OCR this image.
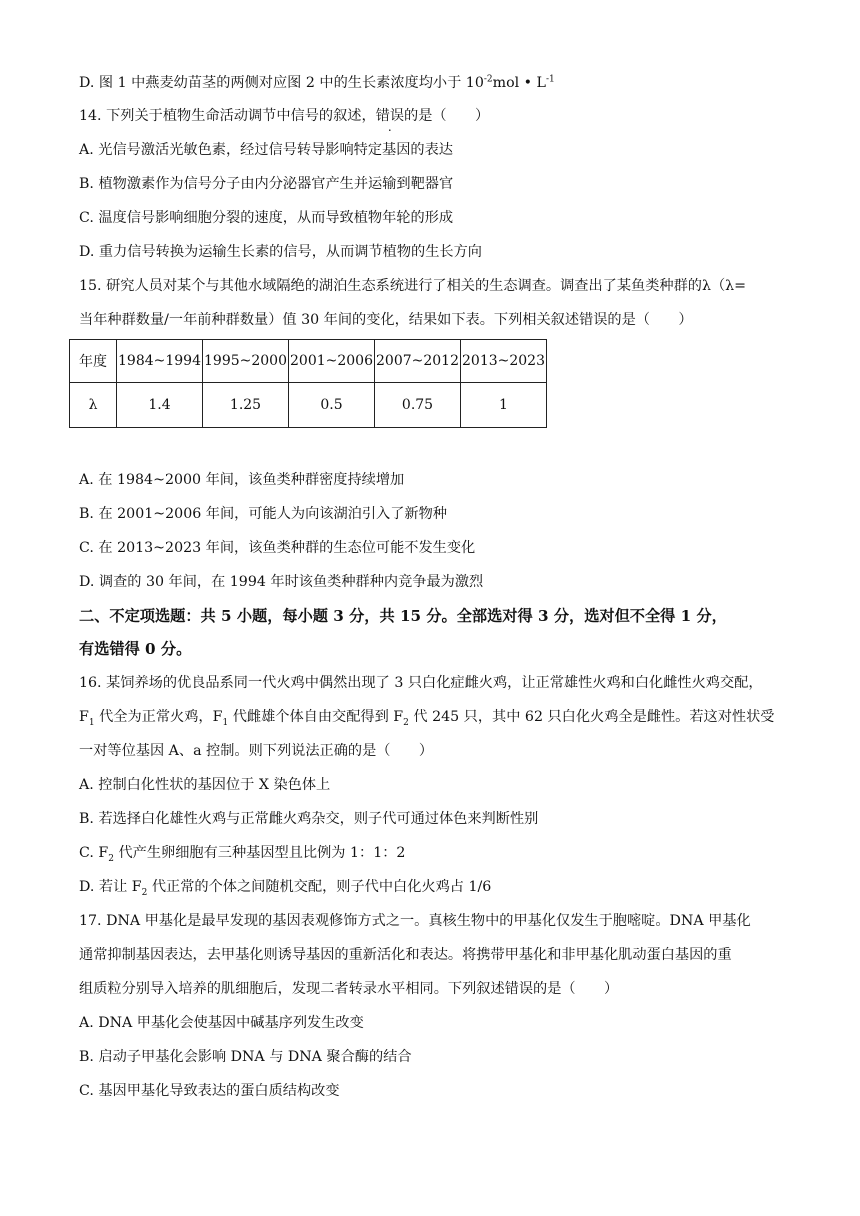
D. 图 1 中燕麦幼苗茎的两侧对应图 2 中的生长素浓度均小于 $10^{-2}mol$ • $L^{-1}$
14. 下列关于植物生命活动调节中信号的叙述，错误的是（　　）
A. 光信号激活光敏色素，经过信号转导影响特定基因的表达
B. 植物激素作为信号分子由内分泌器官产生并运输到靶器官
C. 温度信号影响细胞分裂的速度，从而导致植物年轮的形成
D. 重力信号转换为运输生长素的信号，从而调节植物的生长方向
15. 研究人员对某个与其他水域隔绝的湖泊生态系统进行了相关的生态调查。调查出了某鱼类种群的λ（λ=
当年种群数量/一年前种群数量）值 30 年间的变化，结果如下表。下列相关叙述错误的是（　　）
年度	1984~1994	1995~2000	2001~2006	2007~2012	2013~2023
λ	1.4	1.25	0.5	0.75	1
A. 在 1984~2000 年间，该鱼类种群密度持续增加
B. 在 2001~2006 年间，可能人为向该湖泊引入了新物种
C. 在 2013~2023 年间，该鱼类种群的生态位可能不发生变化
D. 调查的 30 年间，在 1994 年时该鱼类种群种内竞争最为激烈
二、不定项选题：共 5 小题，每小题 3 分，共 15 分。全部选对得 3 分，选对但不全得 1 分，
有选错得 0 分。
16. 某饲养场的优良品系同一代火鸡中偶然出现了 3 只白化症雌火鸡，让正常雄性火鸡和白化雌性火鸡交配，
$F_1$ 代全为正常火鸡，$F_1$ 代雌雄个体自由交配得到 $F_2$ 代 245 只，其中 62 只白化火鸡全是雌性。若这对性状受
一对等位基因 A、a 控制。则下列说法正确的是（　　）
A. 控制白化性状的基因位于 X 染色体上
B. 若选择白化雄性火鸡与正常雌火鸡杂交，则子代可通过体色来判断性别
C. $F_2$ 代产生卵细胞有三种基因型且比例为 1：1：2
D. 若让 $F_2$ 代正常的个体之间随机交配，则子代中白化火鸡占 1/6
17. DNA 甲基化是最早发现的基因表观修饰方式之一。真核生物中的甲基化仅发生于胞嘧啶。DNA 甲基化
通常抑制基因表达，去甲基化则诱导基因的重新活化和表达。将携带甲基化和非甲基化肌动蛋白基因的重
组质粒分别导入培养的肌细胞后，发现二者转录水平相同。下列叙述错误的是（　　）
A. DNA 甲基化会使基因中碱基序列发生改变
B. 启动子甲基化会影响 DNA 与 DNA 聚合酶的结合
C. 基因甲基化导致表达的蛋白质结构改变
